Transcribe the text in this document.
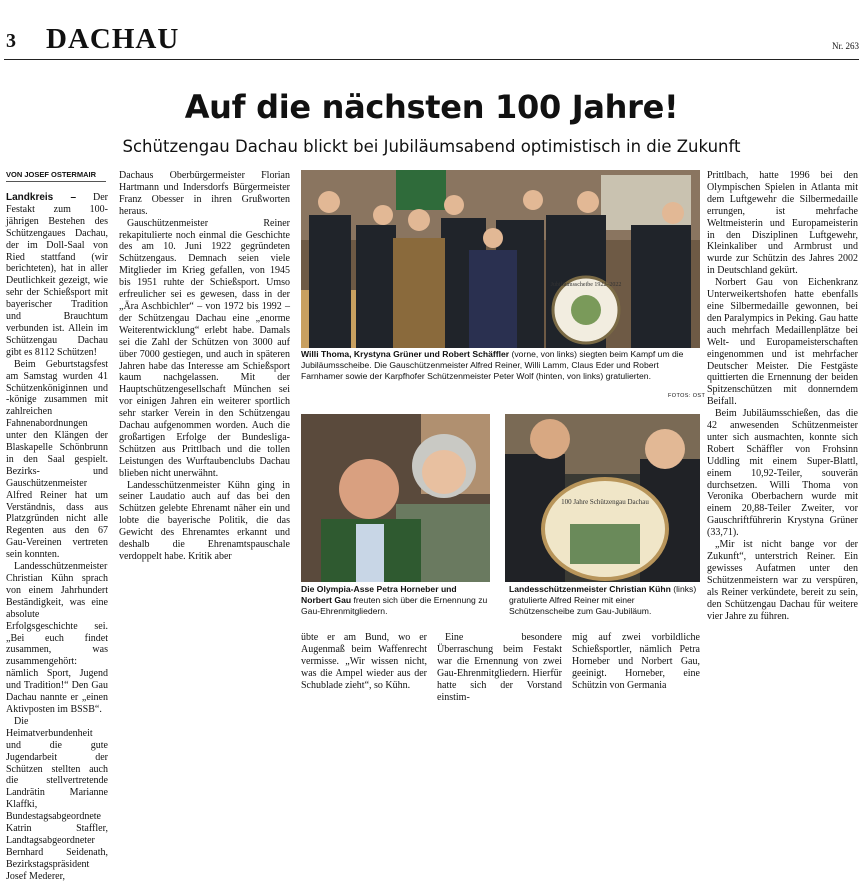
3 DACHAU	Nr. 263
Auf die nächsten 100 Jahre!
Schützengau Dachau blickt bei Jubiläumsabend optimistisch in die Zukunft
VON JOSEF OSTERMAIR

Landkreis – Der Festakt zum 100-jährigen Bestehen des Schützengaues Dachau, der im Doll-Saal von Ried stattfand (wir berichteten), hat in aller Deutlichkeit gezeigt, wie sehr der Schießsport mit bayerischer Tradition und Brauchtum verbunden ist. Allein im Schützengau Dachau gibt es 8112 Schützen!

Beim Geburtstagsfest am Samstag wurden 41 Schützenköniginnen und -könige zusammen mit zahlreichen Fahnenabordnungen unter den Klängen der Blaskapelle Schönbrunn in den Saal gespielt. Bezirks- und Gauschützenmeister Alfred Reiner hat um Verständnis, dass aus Platzgründen nicht alle Regenten aus den 67 Gau-Vereinen vertreten sein konnten.

Landesschützenmeister Christian Kühn sprach von einem Jahrhundert Beständigkeit, was eine absolute Erfolgsgeschichte sei. „Bei euch findet zusammen, was zusammengehört: nämlich Sport, Jugend und Tradition!“ Den Gau Dachau nannte er „einen Aktivposten im BSSB“.

Die Heimatverbundenheit und die gute Jugendarbeit der Schützen stellten auch die stellvertretende Landrätin Marianne Klaffki, Bundestagsabgeordnete Katrin Staffler, Landtagsabgeordneter Bernhard Seidenath, Bezirkstagspräsident Josef Mederer,

Dachaus Oberbürgermeister Florian Hartmann und Indersdorfs Bürgermeister Franz Obesser in ihren Grußworten heraus.

Gauschützenmeister Reiner rekapitulierte noch einmal die Geschichte des am 10. Juni 1922 gegründeten Schützengaus. Demnach seien viele Mitglieder im Krieg gefallen, von 1945 bis 1951 ruhte der Schießsport. Umso erfreulicher sei es gewesen, dass in der „Ära Aschbichler“ – von 1972 bis 1992 – der Schützengau Dachau eine „enorme Weiterentwicklung“ erlebt habe. Damals sei die Zahl der Schützen von 3000 auf über 7000 gestiegen, und auch in späteren Jahren habe das Interesse am Schießsport kaum nachgelassen. Mit der Hauptschützengesellschaft München sei vor einigen Jahren ein weiterer sportlich sehr starker Verein in den Schützengau Dachau aufgenommen worden. Auch die großartigen Erfolge der Bundesliga-Schützen aus Prittlbach und die tollen Leistungen des Wurftaubenclubs Dachau blieben nicht unerwähnt.

Landesschützenmeister Kühn ging in seiner Laudatio auch auf das bei den Schützen gelebte Ehrenamt näher ein und lobte die bayerische Politik, die das Gewicht des Ehrenamtes erkannt und deshalb die Ehrenamtspauschale verdoppelt habe. Kritik aber

Jubiläumsscheibe 1922–2022
Willi Thoma, Krystyna Grüner und Robert Schäffler (vorne, von links) siegten beim Kampf um die Jubiläumsscheibe. Die Gauschützenmeister Alfred Reiner, Willi Lamm, Claus Eder und Robert Farnhamer sowie der Karpfhofer Schützenmeister Peter Wolf (hinten, von links) gratulierten.
FOTOS: OST
Die Olympia-Asse Petra Horneber und Norbert Gau freuten sich über die Ernennung zu Gau-Ehrenmitgliedern.
100 Jahre Schützengau Dachau
Landesschützenmeister Christian Kühn (links) gratulierte Alfred Reiner mit einer Schützenscheibe zum Gau-Jubiläum.

übte er am Bund, wo er Augenmaß beim Waffenrecht vermisse. „Wir wissen nicht, was die Ampel wieder aus der Schublade zieht“, so Kühn.

Eine besondere Überraschung beim Festakt war die Ernennung von zwei Gau-Ehrenmitgliedern. Hierfür hatte sich der Vorstand einstim-

mig auf zwei vorbildliche Schießsportler, nämlich Petra Horneber und Norbert Gau, geeinigt. Horneber, eine Schützin von Germania

Prittlbach, hatte 1996 bei den Olympischen Spielen in Atlanta mit dem Luftgewehr die Silbermedaille errungen, ist mehrfache Weltmeisterin und Europameisterin in den Disziplinen Luftgewehr, Kleinkaliber und Armbrust und wurde zur Schützin des Jahres 2002 in Deutschland gekürt.

Norbert Gau von Eichenkranz Unterweikertshofen hatte ebenfalls eine Silbermedaille gewonnen, bei den Paralympics in Peking. Gau hatte auch mehrfach Medaillenplätze bei Welt- und Europameisterschaften eingenommen und ist mehrfacher Deutscher Meister. Die Festgäste quittierten die Ernennung der beiden Spitzenschützen mit donnerndem Beifall.

Beim Jubiläumsschießen, das die 42 anwesenden Schützenmeister unter sich ausmachten, konnte sich Robert Schäffler von Frohsinn Uddling mit einem Super-Blattl, einem 10,92-Teiler, souverän durchsetzen. Willi Thoma von Veronika Oberbachern wurde mit einem 20,88-Teiler Zweiter, vor Gauschriftführerin Krystyna Grüner (33,71).

„Mir ist nicht bange vor der Zukunft“, unterstrich Reiner. Ein gewisses Aufatmen unter den Schützenmeistern war zu verspüren, als Reiner verkündete, bereit zu sein, den Schützengau Dachau für weitere vier Jahre zu führen.
